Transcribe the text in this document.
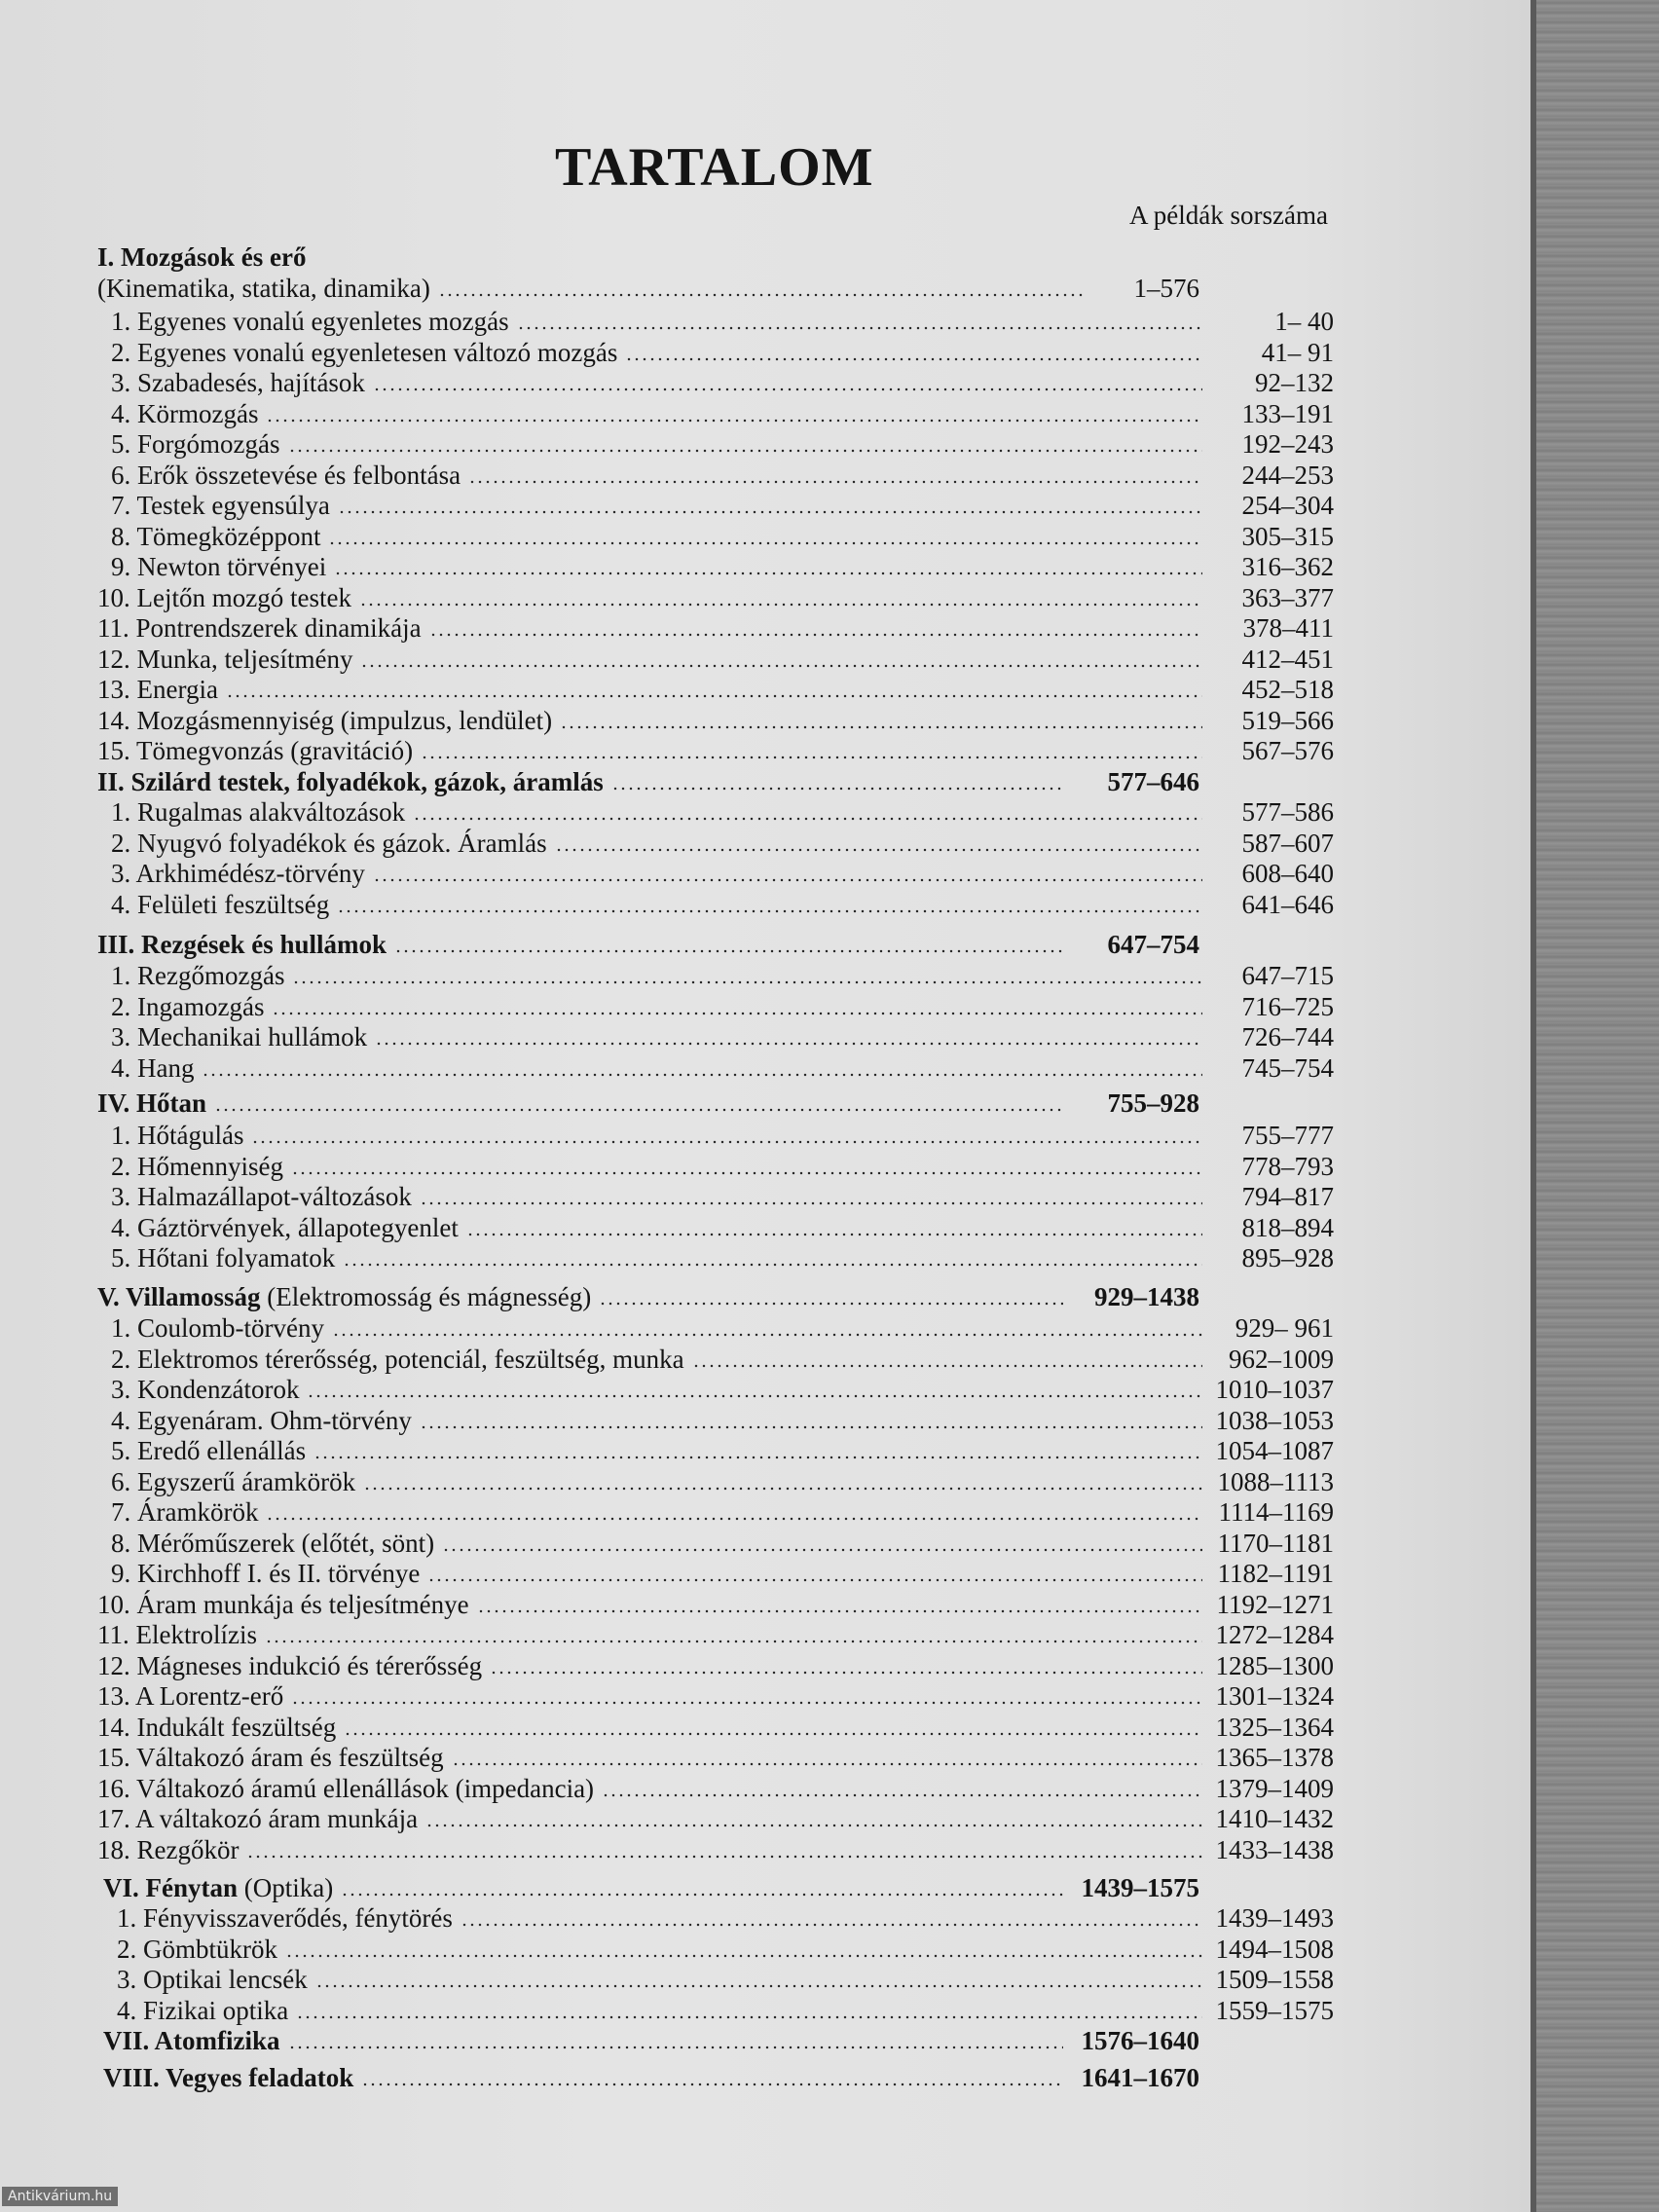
TARTALOM
A példák sorszáma
I. Mozgások és erő
(Kinematika, statika, dinamika)	1–576
1. Egyenes vonalú egyenletes mozgás	1– 40
2. Egyenes vonalú egyenletesen változó mozgás	41– 91
3. Szabadesés, hajítások	92–132
4. Körmozgás	133–191
5. Forgómozgás	192–243
6. Erők összetevése és felbontása	244–253
7. Testek egyensúlya	254–304
8. Tömegközéppont	305–315
9. Newton törvényei	316–362
10. Lejtőn mozgó testek	363–377
11. Pontrendszerek dinamikája	378–411
12. Munka, teljesítmény	412–451
13. Energia	452–518
14. Mozgásmennyiség (impulzus, lendület)	519–566
15. Tömegvonzás (gravitáció)	567–576
II. Szilárd testek, folyadékok, gázok, áramlás	577–646
1. Rugalmas alakváltozások	577–586
2. Nyugvó folyadékok és gázok. Áramlás	587–607
3. Arkhimédész-törvény	608–640
4. Felületi feszültség	641–646
III. Rezgések és hullámok	647–754
1. Rezgőmozgás	647–715
2. Ingamozgás	716–725
3. Mechanikai hullámok	726–744
4. Hang	745–754
IV. Hőtan	755–928
1. Hőtágulás	755–777
2. Hőmennyiség	778–793
3. Halmazállapot-változások	794–817
4. Gáztörvények, állapotegyenlet	818–894
5. Hőtani folyamatok	895–928
V. Villamosság (Elektromosság és mágnesség)	929–1438
1. Coulomb-törvény	929– 961
2. Elektromos térerősség, potenciál, feszültség, munka	962–1009
3. Kondenzátorok	1010–1037
4. Egyenáram. Ohm-törvény	1038–1053
5. Eredő ellenállás	1054–1087
6. Egyszerű áramkörök	1088–1113
7. Áramkörök	1114–1169
8. Mérőműszerek (előtét, sönt)	1170–1181
9. Kirchhoff I. és II. törvénye	1182–1191
10. Áram munkája és teljesítménye	1192–1271
11. Elektrolízis	1272–1284
12. Mágneses indukció és térerősség	1285–1300
13. A Lorentz-erő	1301–1324
14. Indukált feszültség	1325–1364
15. Váltakozó áram és feszültség	1365–1378
16. Váltakozó áramú ellenállások (impedancia)	1379–1409
17. A váltakozó áram munkája	1410–1432
18. Rezgőkör	1433–1438
VI. Fénytan (Optika)	1439–1575
1. Fényvisszaverődés, fénytörés	1439–1493
2. Gömbtükrök	1494–1508
3. Optikai lencsék	1509–1558
4. Fizikai optika	1559–1575
VII. Atomfizika	1576–1640
VIII. Vegyes feladatok	1641–1670
Antikvárium.hu
